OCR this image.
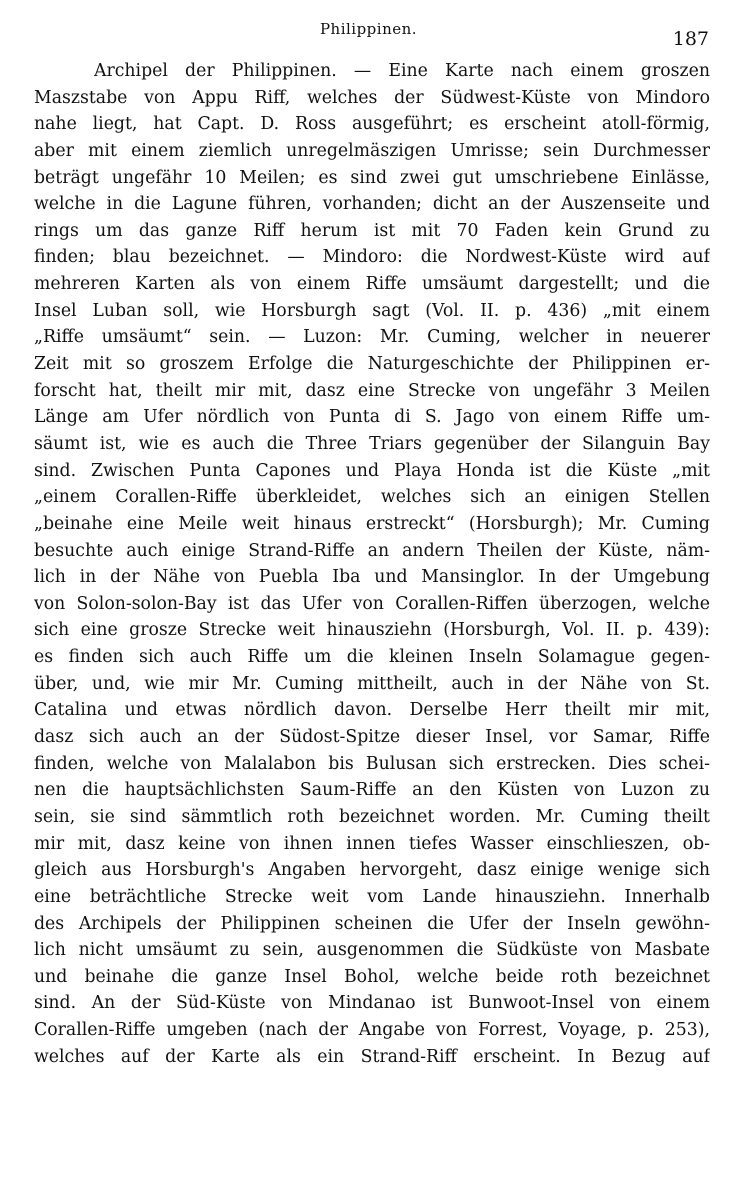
Philippinen.	187
Archipel der Philippinen. — Eine Karte nach einem groszen
Maszstabe von Appu Riff, welches der Südwest-Küste von Mindoro
nahe liegt, hat Capt. D. Ross ausgeführt; es erscheint atoll-förmig,
aber mit einem ziemlich unregelmäszigen Umrisse; sein Durchmesser
beträgt ungefähr 10 Meilen; es sind zwei gut umschriebene Einlässe,
welche in die Lagune führen, vorhanden; dicht an der Auszenseite und
rings um das ganze Riff herum ist mit 70 Faden kein Grund zu
finden; blau bezeichnet. — Mindoro: die Nordwest-Küste wird auf
mehreren Karten als von einem Riffe umsäumt dargestellt; und die
Insel Luban soll, wie Horsburgh sagt (Vol. II. p. 436) „mit einem
„Riffe umsäumt“ sein. — Luzon: Mr. Cuming, welcher in neuerer
Zeit mit so groszem Erfolge die Naturgeschichte der Philippinen er-
forscht hat, theilt mir mit, dasz eine Strecke von ungefähr 3 Meilen
Länge am Ufer nördlich von Punta di S. Jago von einem Riffe um-
säumt ist, wie es auch die Three Triars gegenüber der Silanguin Bay
sind. Zwischen Punta Capones und Playa Honda ist die Küste „mit
„einem Corallen-Riffe überkleidet, welches sich an einigen Stellen
„beinahe eine Meile weit hinaus erstreckt“ (Horsburgh); Mr. Cuming
besuchte auch einige Strand-Riffe an andern Theilen der Küste, näm-
lich in der Nähe von Puebla Iba und Mansinglor. In der Umgebung
von Solon-solon-Bay ist das Ufer von Corallen-Riffen überzogen, welche
sich eine grosze Strecke weit hinausziehn (Horsburgh, Vol. II. p. 439):
es finden sich auch Riffe um die kleinen Inseln Solamague gegen-
über, und, wie mir Mr. Cuming mittheilt, auch in der Nähe von St.
Catalina und etwas nördlich davon. Derselbe Herr theilt mir mit,
dasz sich auch an der Südost-Spitze dieser Insel, vor Samar, Riffe
finden, welche von Malalabon bis Bulusan sich erstrecken. Dies schei-
nen die hauptsächlichsten Saum-Riffe an den Küsten von Luzon zu
sein, sie sind sämmtlich roth bezeichnet worden. Mr. Cuming theilt
mir mit, dasz keine von ihnen innen tiefes Wasser einschlieszen, ob-
gleich aus Horsburgh's Angaben hervorgeht, dasz einige wenige sich
eine beträchtliche Strecke weit vom Lande hinausziehn. Innerhalb
des Archipels der Philippinen scheinen die Ufer der Inseln gewöhn-
lich nicht umsäumt zu sein, ausgenommen die Südküste von Masbate
und beinahe die ganze Insel Bohol, welche beide roth bezeichnet
sind. An der Süd-Küste von Mindanao ist Bunwoot-Insel von einem
Corallen-Riffe umgeben (nach der Angabe von Forrest, Voyage, p. 253),
welches auf der Karte als ein Strand-Riff erscheint. In Bezug auf
